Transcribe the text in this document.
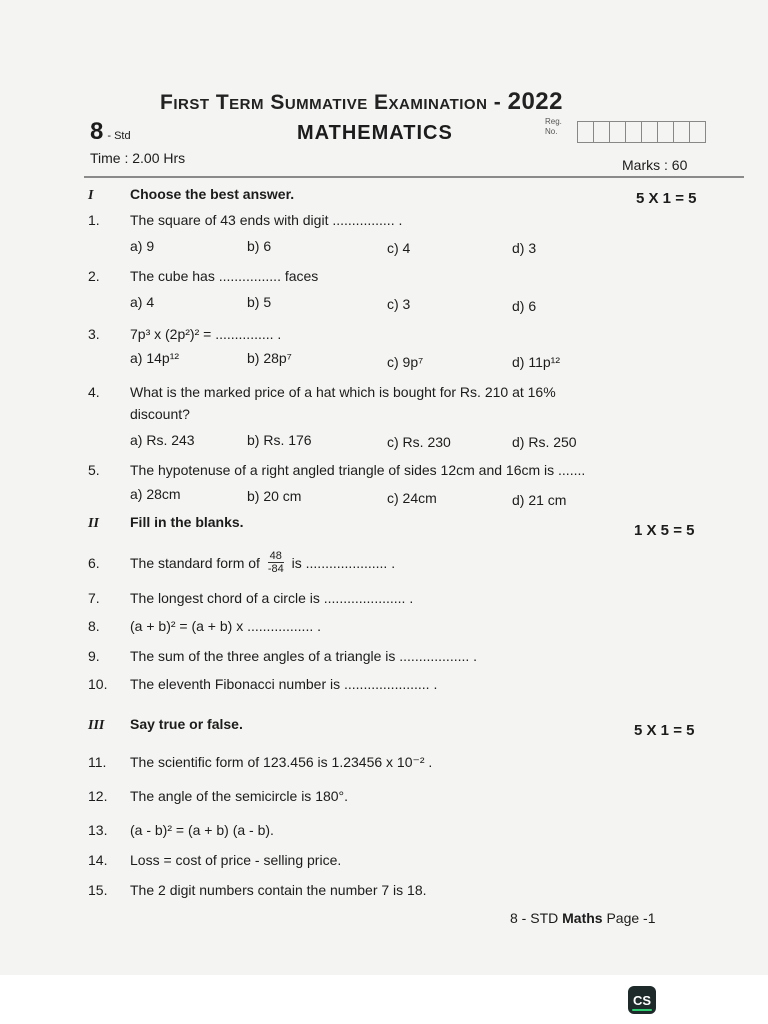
First Term Summative Examination - 2022
8 - Std	MATHEMATICS
Reg. No.
Time : 2.00 Hrs	Marks : 60
I	Choose the best answer.	5 X 1 = 5
1. The square of 43 ends with digit ................ .
a) 9	b) 6	c) 4	d) 3
2. The cube has ................ faces
a) 4	b) 5	c) 3	d) 6
3. 7p³ x (2p²)² = ............... .
a) 14p¹²	b) 28p⁷	c) 9p⁷	d) 11p¹²
4. What is the marked price of a hat which is bought for Rs. 210 at 16%
discount?
a) Rs. 243	b) Rs. 176	c) Rs. 230	d) Rs. 250
5. The hypotenuse of a right angled triangle of sides 12cm and 16cm is .......
a) 28cm	b) 20 cm	c) 24cm	d) 21 cm
II Fill in the blanks.	1 X 5 = 5
6. The standard form of $\frac{48}{-84}$ is ..................... .
7. The longest chord of a circle is ..................... .
8. (a + b)² = (a + b) x ................. .
9. The sum of the three angles of a triangle is .................. .
10. The eleventh Fibonacci number is ...................... .
III Say true or false.	5 X 1 = 5
11. The scientific form of 123.456 is 1.23456 x 10⁻² .
12. The angle of the semicircle is 180°.
13. (a - b)² = (a + b) (a - b).
14. Loss = cost of price - selling price.
15. The 2 digit numbers contain the number 7 is 18.
8 - STD Maths Page -1
CS
